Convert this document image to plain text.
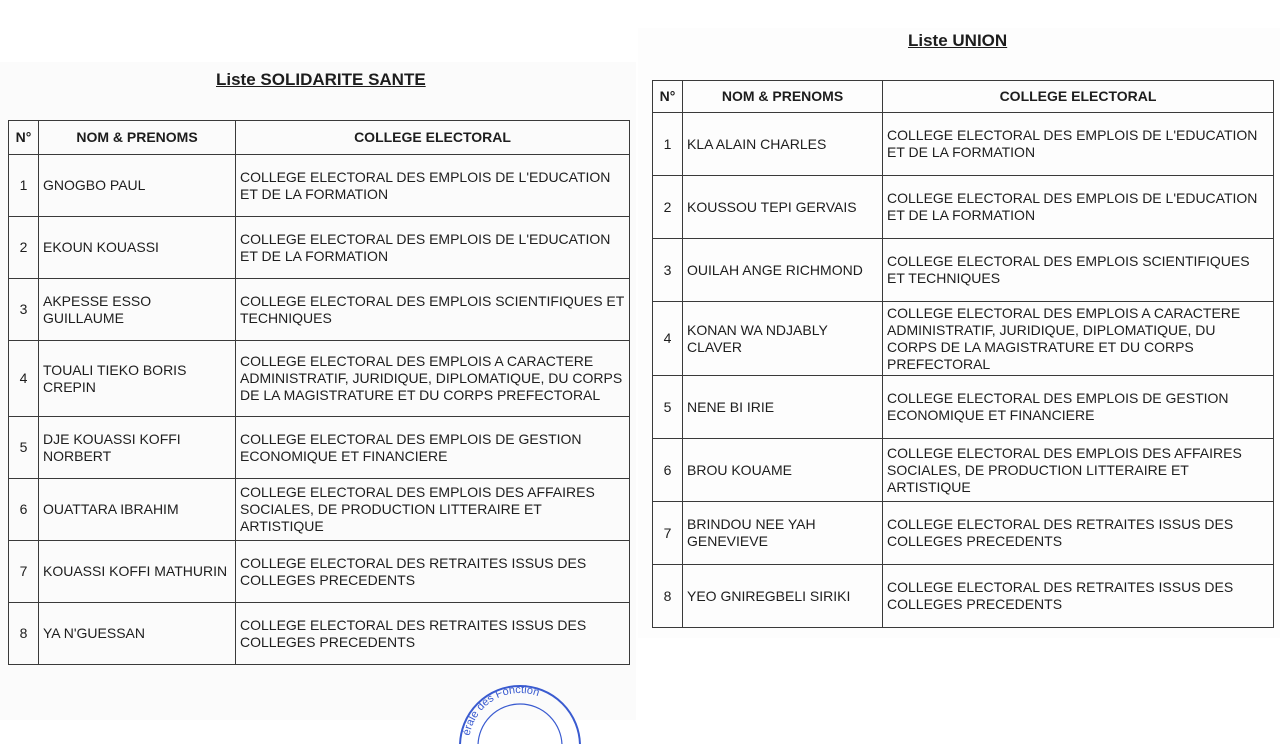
Liste SOLIDARITE SANTE
N°	NOM & PRENOMS	COLLEGE ELECTORAL
1	GNOGBO PAUL	COLLEGE ELECTORAL DES EMPLOIS DE L'EDUCATION ET DE LA FORMATION
2	EKOUN KOUASSI	COLLEGE ELECTORAL DES EMPLOIS DE L'EDUCATION ET DE LA FORMATION
3	AKPESSE ESSO GUILLAUME	COLLEGE ELECTORAL DES EMPLOIS SCIENTIFIQUES ET TECHNIQUES
4	TOUALI TIEKO BORIS CREPIN	COLLEGE ELECTORAL DES EMPLOIS A CARACTERE ADMINISTRATIF, JURIDIQUE, DIPLOMATIQUE, DU CORPS DE LA MAGISTRATURE ET DU CORPS PREFECTORAL
5	DJE KOUASSI KOFFI NORBERT	COLLEGE ELECTORAL DES EMPLOIS DE GESTION ECONOMIQUE ET FINANCIERE
6	OUATTARA IBRAHIM	COLLEGE ELECTORAL DES EMPLOIS DES AFFAIRES SOCIALES, DE PRODUCTION LITTERAIRE ET ARTISTIQUE
7	KOUASSI KOFFI MATHURIN	COLLEGE ELECTORAL DES RETRAITES ISSUS DES COLLEGES PRECEDENTS
8	YA N'GUESSAN	COLLEGE ELECTORAL DES RETRAITES ISSUS DES COLLEGES PRECEDENTS
Liste UNION
N°	NOM & PRENOMS	COLLEGE ELECTORAL
1	KLA ALAIN CHARLES	COLLEGE ELECTORAL DES EMPLOIS DE L'EDUCATION ET DE LA FORMATION
2	KOUSSOU TEPI GERVAIS	COLLEGE ELECTORAL DES EMPLOIS DE L'EDUCATION ET DE LA FORMATION
3	OUILAH ANGE RICHMOND	COLLEGE ELECTORAL DES EMPLOIS SCIENTIFIQUES ET TECHNIQUES
4	KONAN WA NDJABLY CLAVER	COLLEGE ELECTORAL DES EMPLOIS A CARACTERE ADMINISTRATIF, JURIDIQUE, DIPLOMATIQUE, DU CORPS DE LA MAGISTRATURE ET DU CORPS PREFECTORAL
5	NENE BI IRIE	COLLEGE ELECTORAL DES EMPLOIS DE GESTION ECONOMIQUE ET FINANCIERE
6	BROU KOUAME	COLLEGE ELECTORAL DES EMPLOIS DES AFFAIRES SOCIALES, DE PRODUCTION LITTERAIRE ET ARTISTIQUE
7	BRINDOU NEE YAH GENEVIEVE	COLLEGE ELECTORAL DES RETRAITES ISSUS DES COLLEGES PRECEDENTS
8	YEO GNIREGBELI SIRIKI	COLLEGE ELECTORAL DES RETRAITES ISSUS DES COLLEGES PRECEDENTS
érale des Fonction
